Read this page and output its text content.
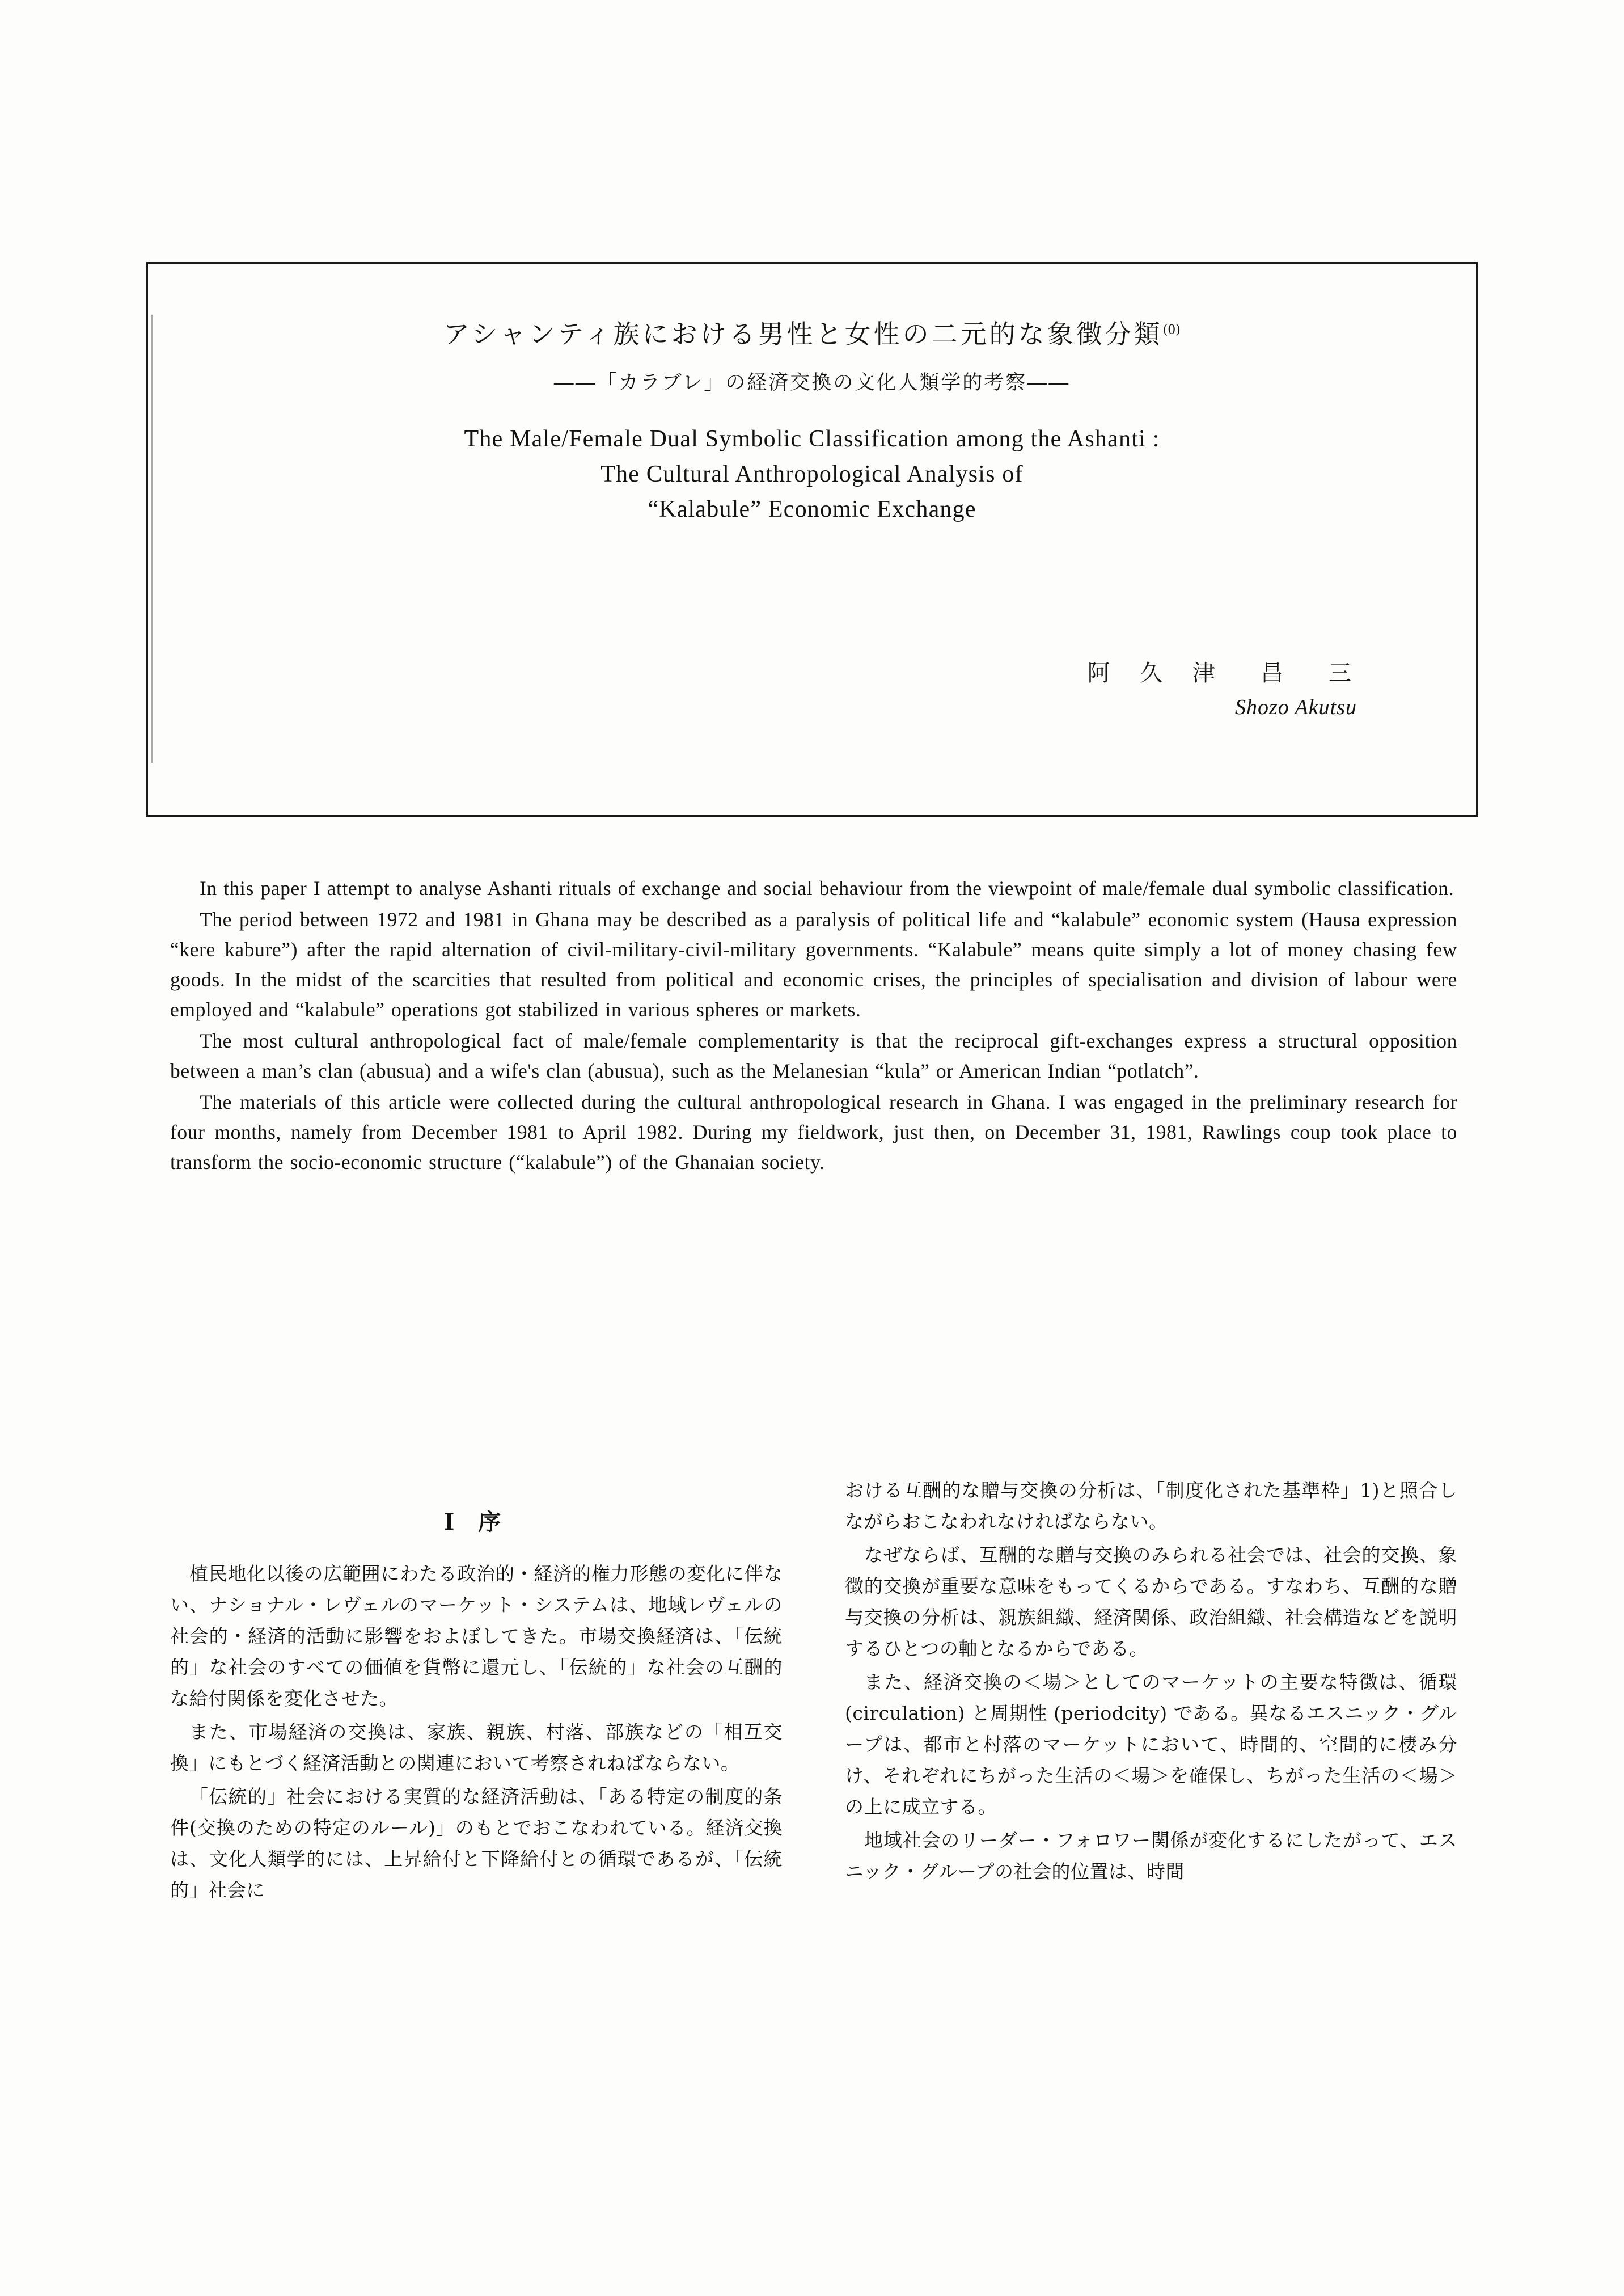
アシャンティ族における男性と女性の二元的な象徴分類$^{(0)}$
――「カラブレ」の経済交換の文化人類学的考察――
The Male/Female Dual Symbolic Classification among the Ashanti :
The Cultural Anthropological Analysis of
“Kalabule” Economic Exchange
阿 久 津　昌　三
Shozo Akutsu

In this paper I attempt to analyse Ashanti rituals of exchange and social behaviour from the viewpoint of male/female dual symbolic classification.

The period between 1972 and 1981 in Ghana may be described as a paralysis of political life and “kalabule” economic system (Hausa expression “kere kabure”) after the rapid alternation of civil-military-civil-military governments. “Kalabule” means quite simply a lot of money chasing few goods. In the midst of the scarcities that resulted from political and economic crises, the principles of specialisation and division of labour were employed and “kalabule” operations got stabilized in various spheres or markets.

The most cultural anthropological fact of male/female complementarity is that the reciprocal gift-exchanges express a structural opposition between a man’s clan (abusua) and a wife's clan (abusua), such as the Melanesian “kula” or American Indian “potlatch”.

The materials of this article were collected during the cultural anthropological research in Ghana. I was engaged in the preliminary research for four months, namely from December 1981 to April 1982. During my fieldwork, just then, on December 31, 1981, Rawlings coup took place to transform the socio-economic structure (“kalabule”) of the Ghanaian society.

I 序

植民地化以後の広範囲にわたる政治的・経済的権力形態の変化に伴ない、ナショナル・レヴェルのマーケット・システムは、地域レヴェルの社会的・経済的活動に影響をおよぼしてきた。市場交換経済は、「伝統的」な社会のすべての価値を貨幣に還元し、「伝統的」な社会の互酬的な給付関係を変化させた。

また、市場経済の交換は、家族、親族、村落、部族などの「相互交換」にもとづく経済活動との関連において考察されねばならない。

「伝統的」社会における実質的な経済活動は、「ある特定の制度的条件(交換のための特定のルール)」のもとでおこなわれている。経済交換は、文化人類学的には、上昇給付と下降給付との循環であるが、「伝統的」社会に

おける互酬的な贈与交換の分析は、「制度化された基準枠」1)と照合しながらおこなわれなければならない。

なぜならば、互酬的な贈与交換のみられる社会では、社会的交換、象徴的交換が重要な意味をもってくるからである。すなわち、互酬的な贈与交換の分析は、親族組織、経済関係、政治組織、社会構造などを説明するひとつの軸となるからである。

また、経済交換の＜場＞としてのマーケットの主要な特徴は、循環 (circulation) と周期性 (periodcity) である。異なるエスニック・グループは、都市と村落のマーケットにおいて、時間的、空間的に棲み分け、それぞれにちがった生活の＜場＞を確保し、ちがった生活の＜場＞の上に成立する。

地域社会のリーダー・フォロワー関係が変化するにしたがって、エスニック・グループの社会的位置は、時間
